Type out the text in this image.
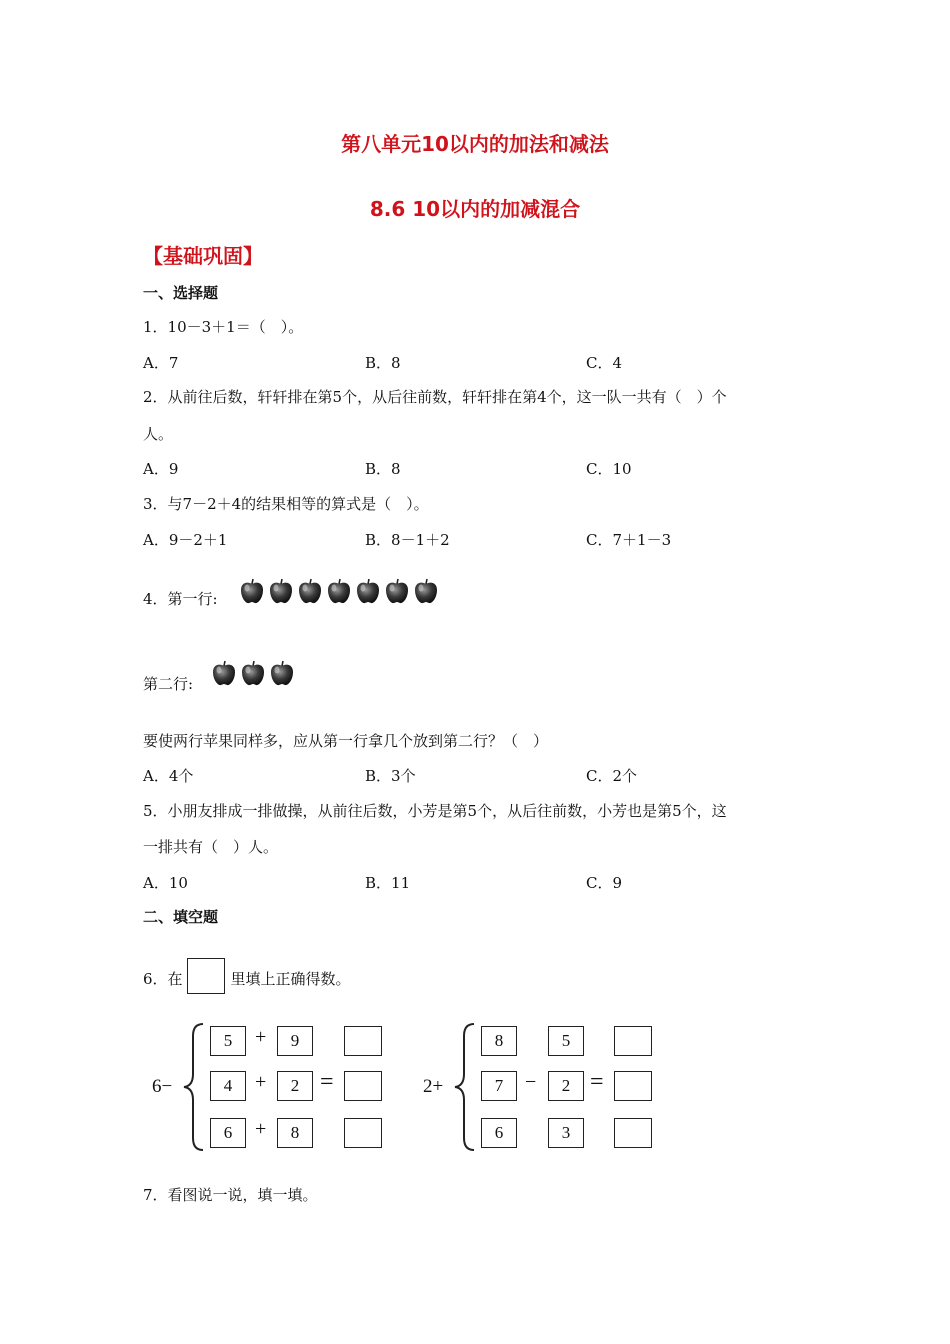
第八单元10以内的加法和减法
8.6 10以内的加减混合
【基础巩固】
一、选择题
1．10－3＋1＝（　）。
A．7	B．8	C．4
2．从前往后数，轩轩排在第5个，从后往前数，轩轩排在第4个，这一队一共有（　）个
人。
A．9	B．8	C．10
3．与7－2＋4的结果相等的算式是（　）。
A．9－2＋1	B．8－1＋2	C．7＋1－3
4．第一行:
第二行:
要使两行苹果同样多，应从第一行拿几个放到第二行？（　）
A．4个	B．3个	C．2个
5．小朋友排成一排做操，从前往后数，小芳是第5个，从后往前数，小芳也是第5个，这
一排共有（　）人。
A．10	B．11	C．9
二、填空题
6．在	里填上正确得数。
6−
5	+	9
4	+	2 =
6	+	8
2+
8	5
7	−	2 =
6	3
7．看图说一说，填一填。
